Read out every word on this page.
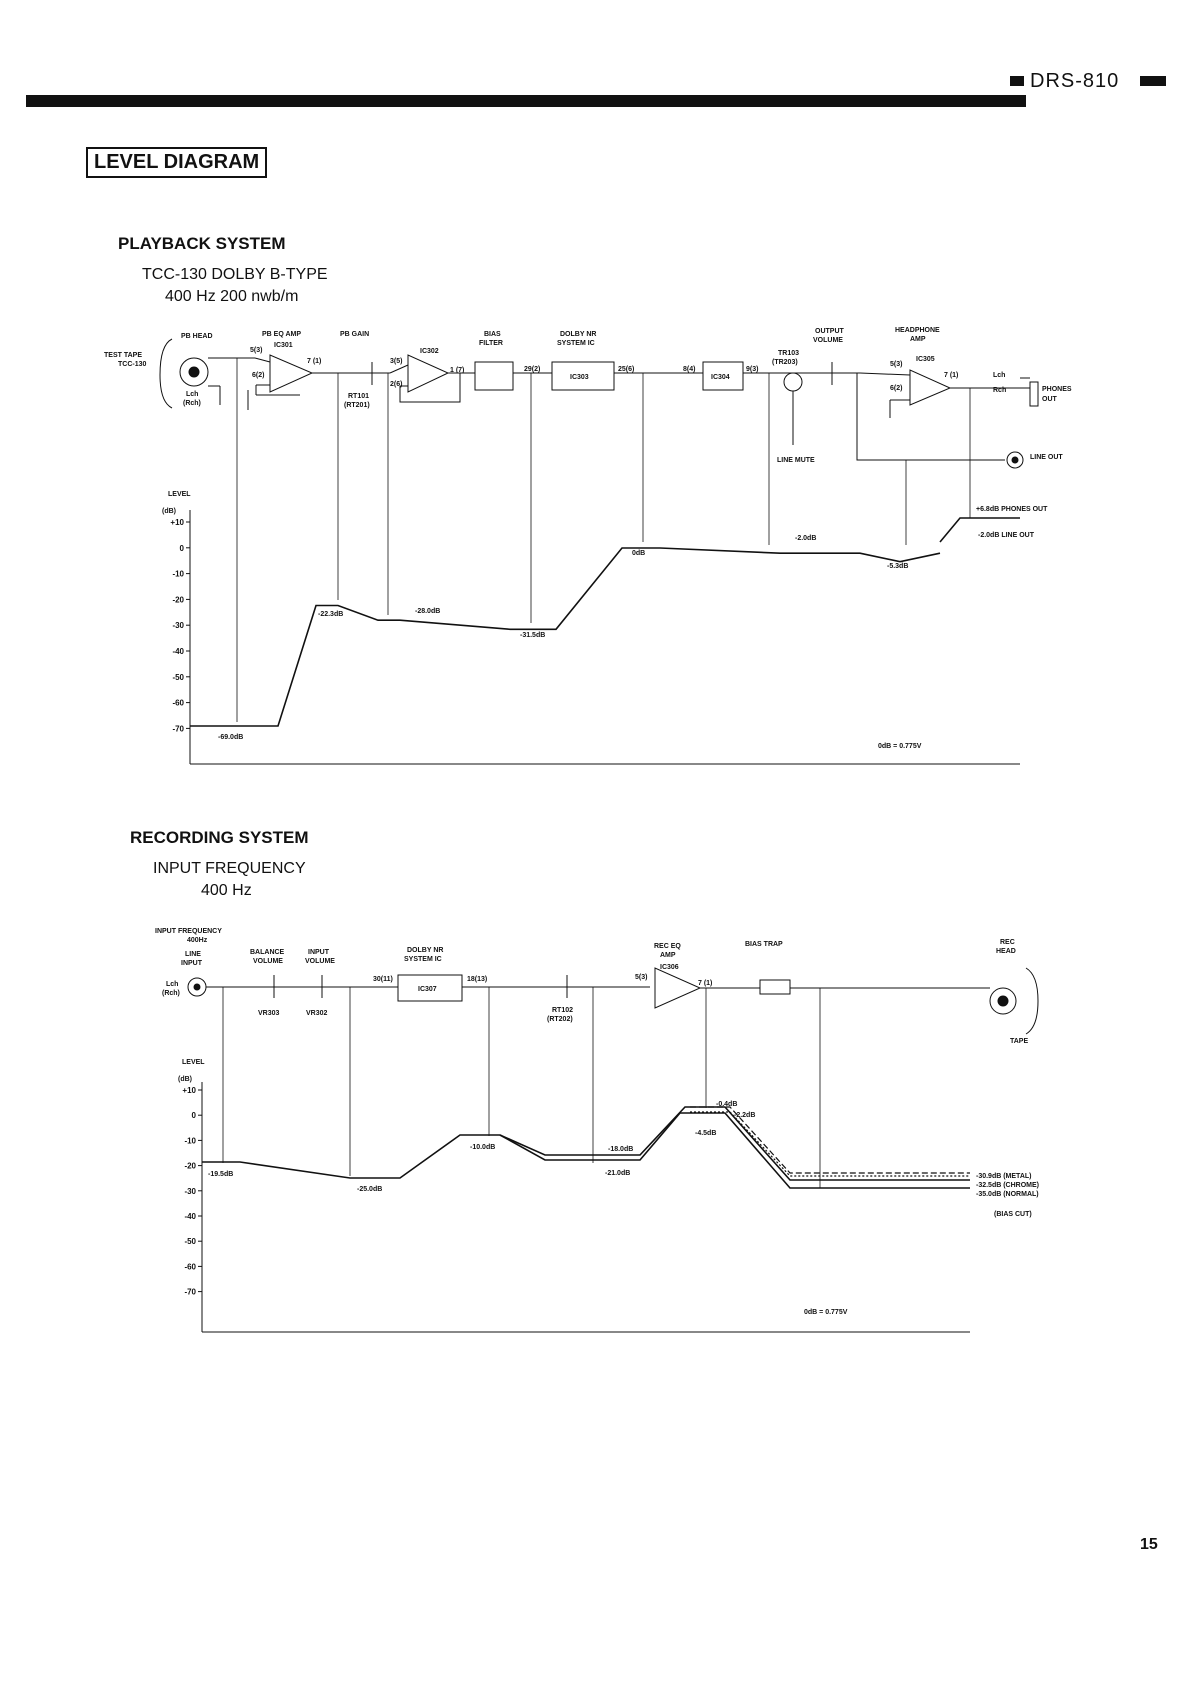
DRS-810
LEVEL DIAGRAM
PLAYBACK SYSTEM
TCC-130 DOLBY B-TYPE
400 Hz 200 nwb/m
RECORDING SYSTEM
INPUT FREQUENCY
400 Hz
15
PB HEAD
TEST TAPE
TCC-130
Lch
(Rch)
PB EQ AMP
IC301
PB GAIN
RT101
(RT201)
IC302
BIAS
FILTER
DOLBY NR
SYSTEM IC
IC303	IC304
TR103
(TR203)
LINE MUTE
OUTPUT
VOLUME
HEADPHONE
AMP
IC305
Lch
Rch	PHONES
OUT
LINE OUT
5(3)
6(2)
7 (1)	3(5)
2(6)
1 (7)	29(2)	25(6)	8(4)	9(3)
5(3)
6(2)
7 (1)
LEVEL
(dB)
+10
0
-10
-20
-30
-40
-50
-60
-70
-69.0dB
-22.3dB	-28.0dB
-31.5dB
0dB
-2.0dB
-5.3dB
+6.8dB PHONES OUT
-2.0dB LINE OUT
0dB = 0.775V
INPUT FREQUENCY
400Hz
LINE
INPUT
Lch
(Rch)
BALANCE
VOLUME
INPUT
VOLUME
VR303	VR302
DOLBY NR
SYSTEM IC
IC307
RT102
(RT202)
REC EQ
AMP
IC306
BIAS TRAP	REC
HEAD
TAPE
30(11)	18(13)	5(3)
7 (1)
LEVEL
(dB)
+10
0
-10
-20
-30
-40
-50
-60
-70
-19.5dB
-25.0dB
-10.0dB	-18.0dB
-21.0dB
-0.4dB
-2.2dB
-4.5dB
-30.9dB (METAL)
-32.5dB (CHROME)
-35.0dB (NORMAL)
(BIAS CUT)
0dB = 0.775V
